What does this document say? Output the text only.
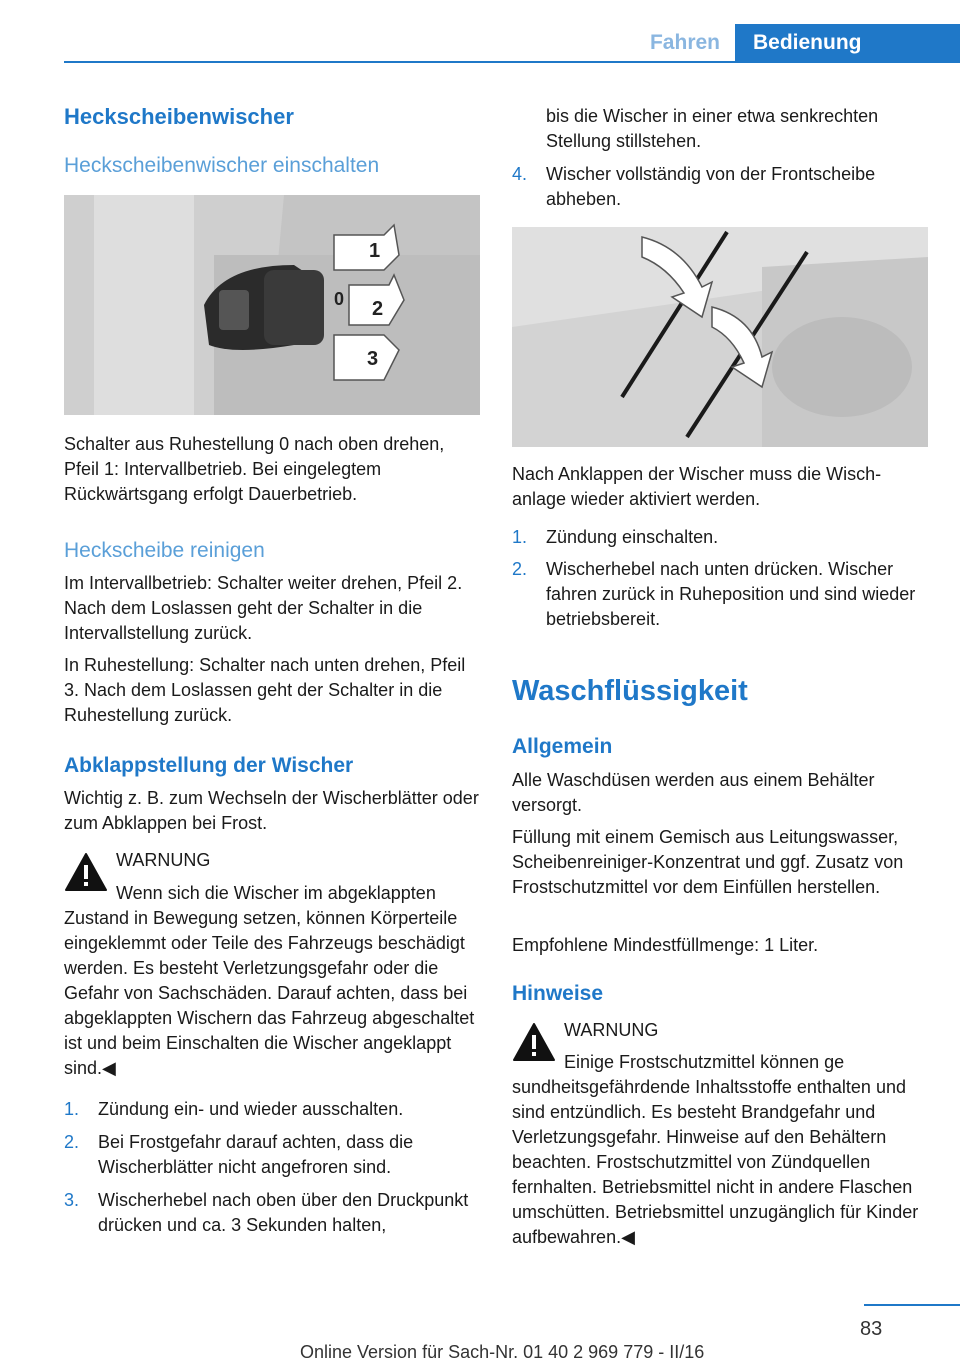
Fahren	Bedienung
Heckscheibenwischer
Heckscheibenwischer einschalten
0
1
2
3

Schalter aus Ruhestellung 0 nach oben drehen, Pfeil 1: Intervallbetrieb. Bei eingelegtem Rückwärtsgang erfolgt Dauerbetrieb.

Heckscheibe reinigen

Im Intervallbetrieb: Schalter weiter drehen, Pfeil 2. Nach dem Loslassen geht der Schalter in die Intervallstellung zurück.

In Ruhestellung: Schalter nach unten drehen, Pfeil 3. Nach dem Loslassen geht der Schalter in die Ruhestellung zurück.

Abklappstellung der Wischer

Wichtig z. B. zum Wechseln der Wischerblätter oder zum Abklappen bei Frost.

WARNUNG

Wenn sich die Wischer im abgeklappten

Zustand in Bewegung setzen, können Körperteile eingeklemmt oder Teile des Fahrzeugs beschädigt werden. Es besteht Verletzungsgefahr oder die Gefahr von Sachschäden. Darauf achten, dass bei abgeklappten Wischern das Fahrzeug abgeschaltet ist und beim Einschalten die Wischer angeklappt sind.◀

1. Zündung ein- und wieder ausschalten.
2. Bei Frostgefahr darauf achten, dass die Wischerblätter nicht angefroren sind.
3. Wischerhebel nach oben über den Druckpunkt drücken und ca. 3 Sekunden halten,

bis die Wischer in einer etwa senkrechten Stellung stillstehen.

4. Wischer vollständig von der Frontscheibe abheben.

Nach Anklappen der Wischer muss die Wischanlage wieder aktiviert werden.

1. Zündung einschalten.
2. Wischerhebel nach unten drücken. Wischer fahren zurück in Ruheposition und sind wieder betriebsbereit.
Waschflüssigkeit
Allgemein

Alle Waschdüsen werden aus einem Behälter versorgt.

Füllung mit einem Gemisch aus Leitungswasser, Scheibenreiniger-Konzentrat und ggf. Zusatz von Frostschutzmittel vor dem Einfüllen herstellen.

Empfohlene Mindestfüllmenge: 1 Liter.

Hinweise

WARNUNG

Einige Frostschutzmittel können ge

sundheitsgefährdende Inhaltsstoffe enthalten und sind entzündlich. Es besteht Brandgefahr und Verletzungsgefahr. Hinweise auf den Behältern beachten. Frostschutzmittel von Zündquellen fernhalten. Betriebsmittel nicht in andere Flaschen umschütten. Betriebsmittel unzugänglich für Kinder aufbewahren.◀

83
Online Version für Sach-Nr. 01 40 2 969 779 - II/16
